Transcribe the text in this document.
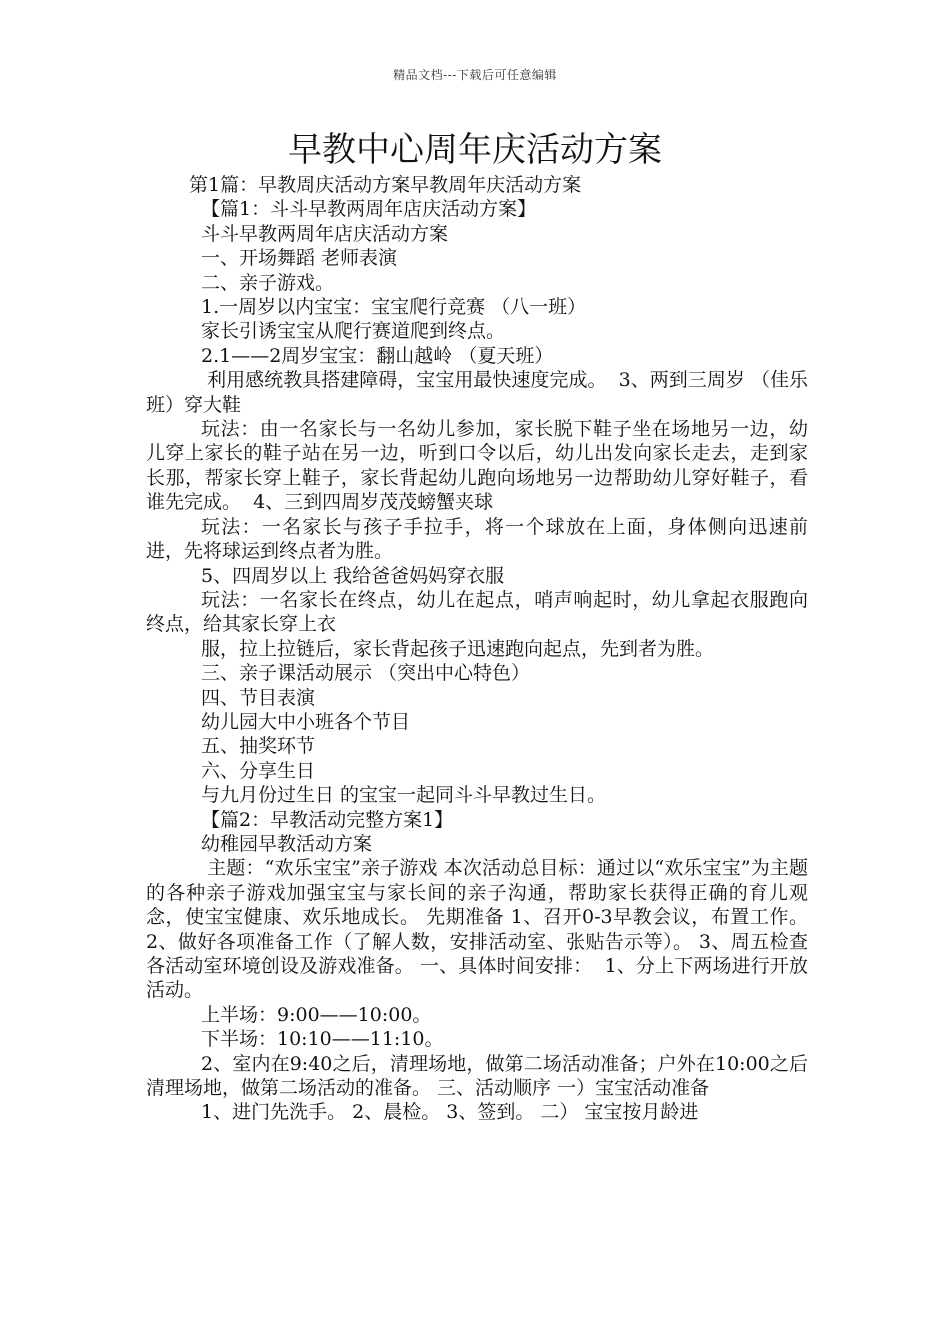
精品文档---下载后可任意编辑
早教中心周年庆活动方案

第1篇：早教周庆活动方案早教周年庆活动方案

【篇1：斗斗早教两周年店庆活动方案】

斗斗早教两周年店庆活动方案

一、开场舞蹈 老师表演

二、亲子游戏。

1.一周岁以内宝宝：宝宝爬行竞赛 （八一班）

家长引诱宝宝从爬行赛道爬到终点。

2.1——2周岁宝宝：翻山越岭 （夏天班）

利用感统教具搭建障碍，宝宝用最快速度完成。  3、两到三周岁 （佳乐班）穿大鞋

玩法：由一名家长与一名幼儿参加，家长脱下鞋子坐在场地另一边，幼儿穿上家长的鞋子站在另一边，听到口令以后，幼儿出发向家长走去，走到家长那，帮家长穿上鞋子，家长背起幼儿跑向场地另一边帮助幼儿穿好鞋子，看谁先完成。  4、三到四周岁茂茂螃蟹夹球

玩法：一名家长与孩子手拉手，将一个球放在上面，身体侧向迅速前进，先将球运到终点者为胜。

5、四周岁以上 我给爸爸妈妈穿衣服

玩法：一名家长在终点，幼儿在起点，哨声响起时，幼儿拿起衣服跑向终点，给其家长穿上衣

服，拉上拉链后，家长背起孩子迅速跑向起点，先到者为胜。

三、亲子课活动展示 （突出中心特色）

四、节目表演

幼儿园大中小班各个节目

五、抽奖环节

六、分享生日

与九月份过生日 的宝宝一起同斗斗早教过生日。

【篇2：早教活动完整方案1】

幼稚园早教活动方案

主题：“欢乐宝宝”亲子游戏 本次活动总目标：通过以“欢乐宝宝”为主题的各种亲子游戏加强宝宝与家长间的亲子沟通，帮助家长获得正确的育儿观念，使宝宝健康、欢乐地成长。 先期准备 1、召开0-3早教会议，布置工作。  2、做好各项准备工作（了解人数，安排活动室、张贴告示等）。 3、周五检查各活动室环境创设及游戏准备。 一、具体时间安排：  1、分上下两场进行开放活动。

上半场：9:00——10:00。

下半场：10:10——11:10。

2、室内在9:40之后，清理场地，做第二场活动准备；户外在10:00之后清理场地，做第二场活动的准备。 三、活动顺序 一）宝宝活动准备

1、进门先洗手。 2、晨检。 3、签到。 二） 宝宝按月龄进
